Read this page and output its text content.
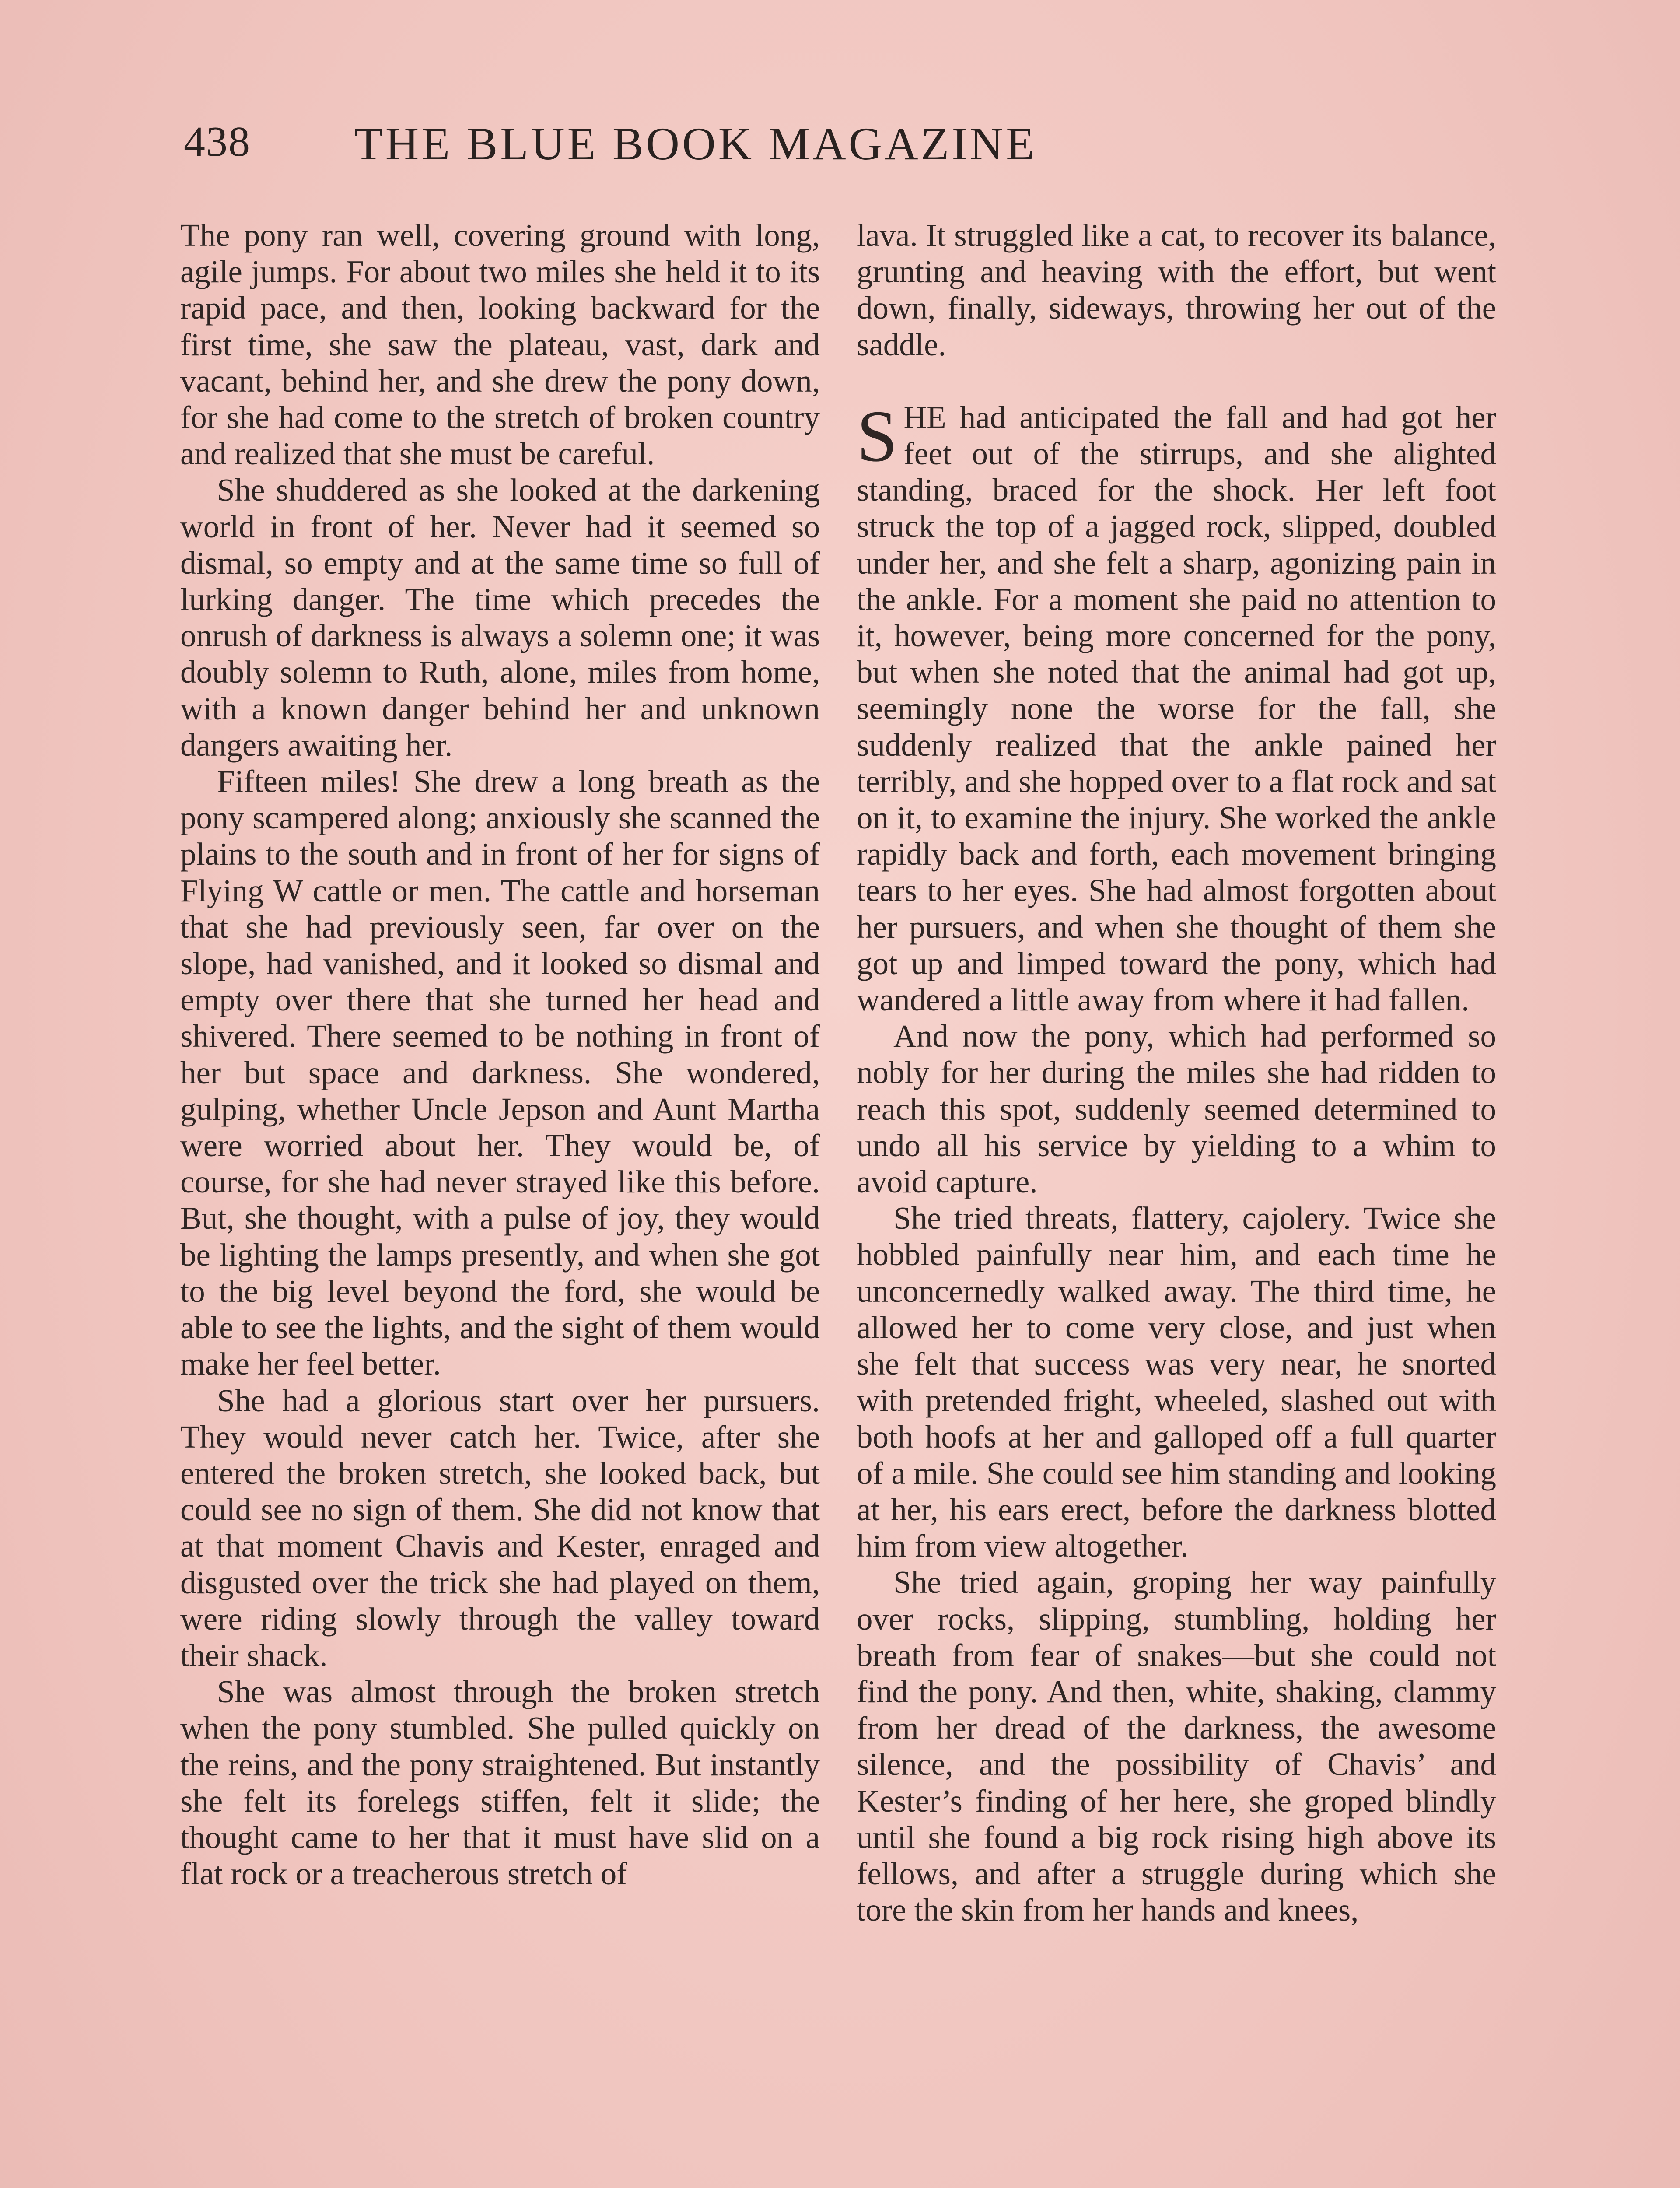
438	THE BLUE BOOK MAGAZINE

The pony ran well, covering ground with long, agile jumps. For about two miles she held it to its rapid pace, and then, looking backward for the first time, she saw the plateau, vast, dark and vacant, behind her, and she drew the pony down, for she had come to the stretch of broken country and realized that she must be careful.

She shuddered as she looked at the darkening world in front of her. Never had it seemed so dismal, so empty and at the same time so full of lurking danger. The time which precedes the onrush of darkness is always a solemn one; it was doubly solemn to Ruth, alone, miles from home, with a known danger behind her and unknown dangers awaiting her.

Fifteen miles! She drew a long breath as the pony scampered along; anxiously she scanned the plains to the south and in front of her for signs of Flying W cattle or men. The cattle and horseman that she had previously seen, far over on the slope, had vanished, and it looked so dismal and empty over there that she turned her head and shivered. There seemed to be nothing in front of her but space and darkness. She wondered, gulping, whether Uncle Jepson and Aunt Martha were worried about her. They would be, of course, for she had never strayed like this before. But, she thought, with a pulse of joy, they would be lighting the lamps presently, and when she got to the big level beyond the ford, she would be able to see the lights, and the sight of them would make her feel better.

She had a glorious start over her pursuers. They would never catch her. Twice, after she entered the broken stretch, she looked back, but could see no sign of them. She did not know that at that moment Chavis and Kester, enraged and disgusted over the trick she had played on them, were riding slowly through the valley toward their shack.

She was almost through the broken stretch when the pony stumbled. She pulled quickly on the reins, and the pony straightened. But instantly she felt its forelegs stiffen, felt it slide; the thought came to her that it must have slid on a flat rock or a treacherous stretch of

lava. It struggled like a cat, to recover its balance, grunting and heaving with the effort, but went down, finally, sideways, throwing her out of the saddle.

SHE had anticipated the fall and had got her feet out of the stirrups, and she alighted standing, braced for the shock. Her left foot struck the top of a jagged rock, slipped, doubled under her, and she felt a sharp, agonizing pain in the ankle. For a moment she paid no attention to it, however, being more concerned for the pony, but when she noted that the animal had got up, seemingly none the worse for the fall, she suddenly realized that the ankle pained her terribly, and she hopped over to a flat rock and sat on it, to examine the injury. She worked the ankle rapidly back and forth, each movement bringing tears to her eyes. She had almost forgotten about her pursuers, and when she thought of them she got up and limped toward the pony, which had wandered a little away from where it had fallen.

And now the pony, which had performed so nobly for her during the miles she had ridden to reach this spot, suddenly seemed determined to undo all his service by yielding to a whim to avoid capture.

She tried threats, flattery, cajolery. Twice she hobbled painfully near him, and each time he unconcernedly walked away. The third time, he allowed her to come very close, and just when she felt that success was very near, he snorted with pretended fright, wheeled, slashed out with both hoofs at her and galloped off a full quarter of a mile. She could see him standing and looking at her, his ears erect, before the darkness blotted him from view altogether.

She tried again, groping her way painfully over rocks, slipping, stumbling, holding her breath from fear of snakes—but she could not find the pony. And then, white, shaking, clammy from her dread of the darkness, the awesome silence, and the possibility of Chavis’ and Kester’s finding of her here, she groped blindly until she found a big rock rising high above its fellows, and after a struggle during which she tore the skin from her hands and knees,
